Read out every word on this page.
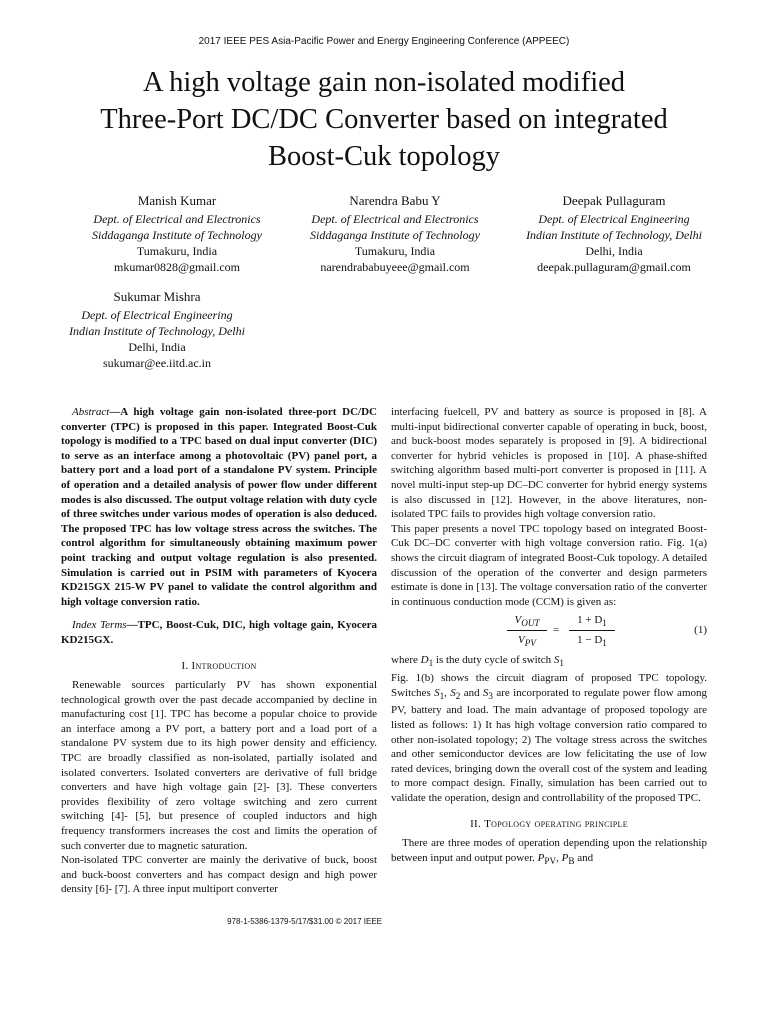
2017 IEEE PES Asia-Pacific Power and Energy Engineering Conference (APPEEC)
A high voltage gain non-isolated modified
Three-Port DC/DC Converter based on integrated
Boost-Cuk topology
Manish Kumar
Dept. of Electrical and Electronics
Siddaganga Institute of Technology
Tumakuru, India
mkumar0828@gmail.com
Narendra Babu Y
Dept. of Electrical and Electronics
Siddaganga Institute of Technology
Tumakuru, India
narendrababuyeee@gmail.com
Deepak Pullaguram
Dept. of Electrical Engineering
Indian Institute of Technology, Delhi
Delhi, India
deepak.pullaguram@gmail.com
Sukumar Mishra
Dept. of Electrical Engineering
Indian Institute of Technology, Delhi
Delhi, India
sukumar@ee.iitd.ac.in

Abstract—A high voltage gain non-isolated three-port DC/DC converter (TPC) is proposed in this paper. Integrated Boost-Cuk topology is modified to a TPC based on dual input converter (DIC) to serve as an interface among a photovoltaic (PV) panel port, a battery port and a load port of a standalone PV system. Principle of operation and a detailed analysis of power flow under different modes is also discussed. The output voltage relation with duty cycle of three switches under various modes of operation is also deduced. The proposed TPC has low voltage stress across the switches. The control algorithm for simultaneously obtaining maximum power point tracking and output voltage regulation is also presented. Simulation is carried out in PSIM with parameters of Kyocera KD215GX 215-W PV panel to validate the control algorithm and high voltage conversion ratio.

Index Terms—TPC, Boost-Cuk, DIC, high voltage gain, Kyocera KD215GX.

I. Introduction

Renewable sources particularly PV has shown exponential technological growth over the past decade accompanied by decline in manufacturing cost [1]. TPC has become a popular choice to provide an interface among a PV port, a battery port and a load port of a standalone PV system due to its high power density and efficiency. TPC are broadly classified as non-isolated, partially isolated and isolated converters. Isolated converters are derivative of full bridge converters and have high voltage gain [2]- [3]. These converters provides flexibility of zero voltage switching and zero current switching [4]- [5], but presence of coupled inductors and high frequency transformers increases the cost and limits the operation of such converter due to magnetic saturation.

Non-isolated TPC converter are mainly the derivative of buck, boost and buck-boost converters and has compact design and high power density [6]- [7]. A three input multiport converter

978-1-5386-1379-5/17/$31.00 © 2017 IEEE

interfacing fuelcell, PV and battery as source is proposed in [8]. A multi-input bidirectional converter capable of operating in buck, boost, and buck-boost modes separately is proposed in [9]. A bidirectional converter for hybrid vehicles is proposed in [10]. A phase-shifted switching algorithm based multi-port converter is proposed in [11]. A novel multi-input step-up DC–DC converter for hybrid energy systems is also discussed in [12]. However, in the above literatures, non-isolated TPC fails to provides high voltage conversion ratio.

This paper presents a novel TPC topology based on integrated Boost-Cuk DC–DC converter with high voltage conversion ratio. Fig. 1(a) shows the circuit diagram of integrated Boost-Cuk topology. A detailed discussion of the operation of the converter and design parmeters estimate is done in [13]. The voltage conversation ratio of the converter in continuous conduction mode (CCM) is given as:

$V_{OUT}$
$V_{PV}$
=
$1 + D_1$
$1 - D_1$
(1)

where $D_1$ is the duty cycle of switch $S_1$

Fig. 1(b) shows the circuit diagram of proposed TPC topology. Switches $S_1$, $S_2$ and $S_3$ are incorporated to regulate power flow among PV, battery and load. The main advantage of proposed topology are listed as follows: 1) It has high voltage conversion ratio compared to other non-isolated topology; 2) The voltage stress across the switches and other semiconductor devices are low felicitating the use of low rated devices, bringing down the overall cost of the system and leading to more compact design. Finally, simulation has been carried out to validate the operation, design and controllability of the proposed TPC.

II. Topology operating principle

There are three modes of operation depending upon the relationship between input and output power. $P_{PV}$, $P_B$ and
